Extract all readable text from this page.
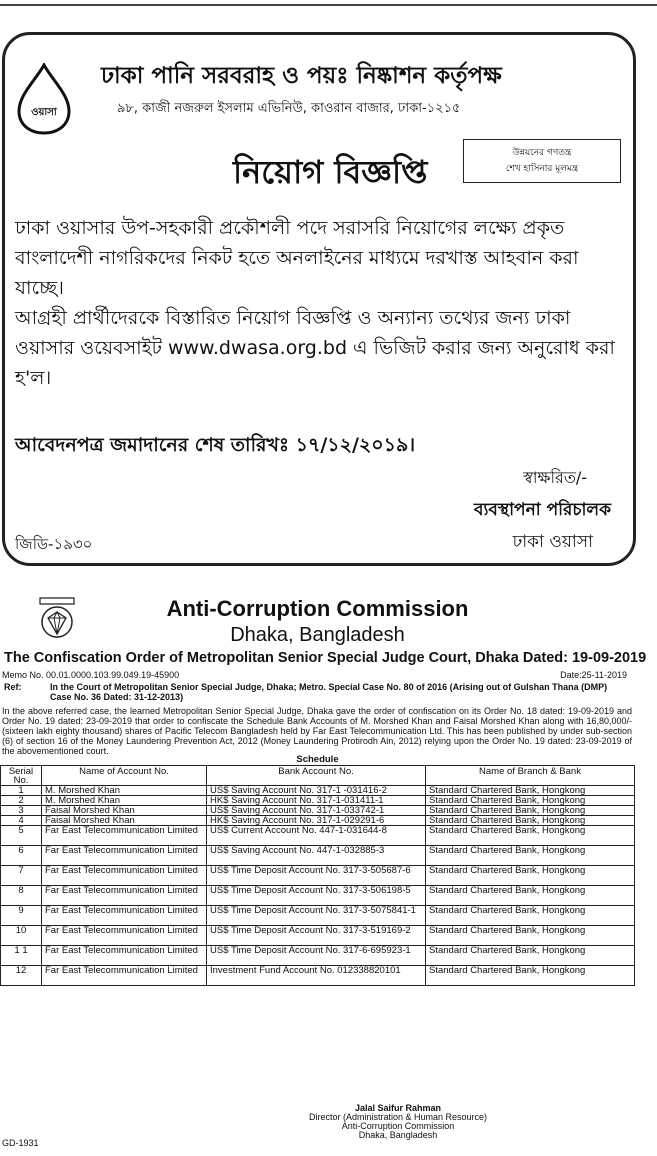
ওয়াসা
ঢাকা পানি সরবরাহ ও পয়ঃ নিষ্কাশন কর্তৃপক্ষ
৯৮, কাজী নজরুল ইসলাম এভিনিউ, কাওরান বাজার, ঢাকা-১২১৫
নিয়োগ বিজ্ঞপ্তি	উন্নয়নের গণতন্ত্র
শেখ হাসিনার মূলমন্ত্র

ঢাকা ওয়াসার উপ-সহকারী প্রকৌশলী পদে সরাসরি নিয়োগের লক্ষ্যে প্রকৃত বাংলাদেশী নাগরিকদের নিকট হতে অনলাইনের মাধ্যমে দরখাস্ত আহবান করা যাচ্ছে।

আগ্রহী প্রার্থীদেরকে বিস্তারিত নিয়োগ বিজ্ঞপ্তি ও অন্যান্য তথ্যের জন্য ঢাকা ওয়াসার ওয়েবসাইট www.dwasa.org.bd এ ভিজিট করার জন্য অনুরোধ করা হ'ল।

আবেদনপত্র জমাদানের শেষ তারিখঃ ১৭/১২/২০১৯।
স্বাক্ষরিত/-
ব্যবস্থাপনা পরিচালক
ঢাকা ওয়াসা
জিডি-১৯৩০
Anti-Corruption Commission
Dhaka, Bangladesh
The Confiscation Order of Metropolitan Senior Special Judge Court, Dhaka Dated: 19-09-2019
Memo No. 00.01.0000.103.99.049.19-45900	Date:25-11-2019
Ref:	In the Court of Metropolitan Senior Special Judge, Dhaka; Metro. Special Case No. 80 of 2016 (Arising out of Gulshan Thana (DMP) Case No. 36 Dated: 31-12-2013)
In the above referred case, the learned Metropolitan Senior Special Judge, Dhaka gave the order of confiscation on its Order No. 18 dated: 19-09-2019 and Order No. 19 dated: 23-09-2019 that order to confiscate the Schedule Bank Accounts of M. Morshed Khan and Faisal Morshed Khan along with 16,80,000/- (sixteen lakh eighty thousand) shares of Pacific Telecom Bangladesh held by Far East Telecommunication Ltd. This has been published by under sub-section (6) of section 16 of the Money Laundering Prevention Act, 2012 (Money Laundering Protirodh Ain, 2012) relying upon the Order No. 19 dated: 23-09-2019 of the abovementioned court.
Schedule
Serial No.	Name of Account No.	Bank Account No.	Name of Branch & Bank
1	M. Morshed Khan	US$ Saving Account No. 317-1 -031416-2	Standard Chartered Bank, Hongkong
2	M. Morshed Khan	HK$ Saving Account No. 317-1-031411-1	Standard Chartered Bank, Hongkong
3	Faisal Morshed Khan	US$ Saving Account No. 317-1-033742-1	Standard Chartered Bank, Hongkong
4	Faisal Morshed Khan	HK$ Saving Account No. 317-1-029291-6	Standard Chartered Bank, Hongkong
5	Far East Telecommunication Limited	US$ Current Account No. 447-1-031644-8	Standard Chartered Bank, Hongkong
6	Far East Telecommunication Limited	US$ Saving Account No. 447-1-032885-3	Standard Chartered Bank, Hongkong
7	Far East Telecommunication Limited	US$ Time Deposit Account No. 317-3-505687-6	Standard Chartered Bank, Hongkong
8	Far East Telecommunication Limited	US$ Time Deposit Account No. 317-3-506198-5	Standard Chartered Bank, Hongkong
9	Far East Telecommunication Limited	US$ Time Deposit Account No. 317-3-5075841-1	Standard Chartered Bank, Hongkong
10	Far East Telecommunication Limited	US$ Time Deposit Account No. 317-3-519169-2	Standard Chartered Bank, Hongkong
1 1	Far East Telecommunication Limited	US$ Time Deposit Account No. 317-6-695923-1	Standard Chartered Bank, Hongkong
12	Far East Telecommunication Limited	Investment Fund Account No. 012338820101	Standard Chartered Bank, Hongkong
Jalal Saifur Rahman
Director (Administration & Human Resource)
Anti-Corruption Commission
Dhaka, Bangladesh
GD-1931
